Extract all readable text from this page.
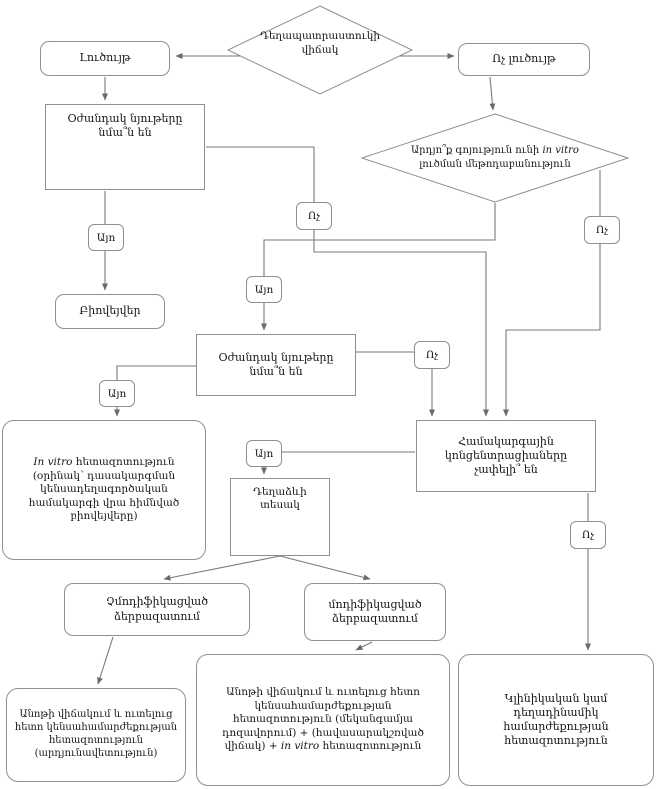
Դեղապատրաստուկի
վիճակ
Արդյո՞ք գոյություն ունի in vitro
լուծման մեթոդաբանություն
Լուծույթ	Ոչ լուծույթ
Օժանդակ նյութերը
նմա՞ն են
Բիովեյվեր
Օժանդակ նյութերը
նմա՞ն են
In vitro հետազոտություն
(օրինակ՝ դասակարգման
կենսադեղագործական
համակարգի վրա հիմնված
բիովեյվերը)
Համակարգային
կոնցենտրացիաները
չափելի՞ են
Դեղաձևի տեսակ
Չմոդիֆիկացված
ձերբազատում
մոդիֆիկացված
ձերբազատում
Անոթի վիճակում և ուտելուց
հետո կենսահամարժեքության
հետազոտություն
(արդյունավետություն)
Անոթի վիճակում և ուտելուց հետո
կենսահամարժեքության
հետազոտություն (մեկանգամյա
դոզավորում) + (հավասարակշռված
վիճակ) + in vitro հետազոտություն
Կլինիկական կամ
դեղադինամիկ
համարժեքության
հետազոտություն
Այո
Ոչ
Ոչ
Այո
Ոչ
Այո
Այո
Ոչ
